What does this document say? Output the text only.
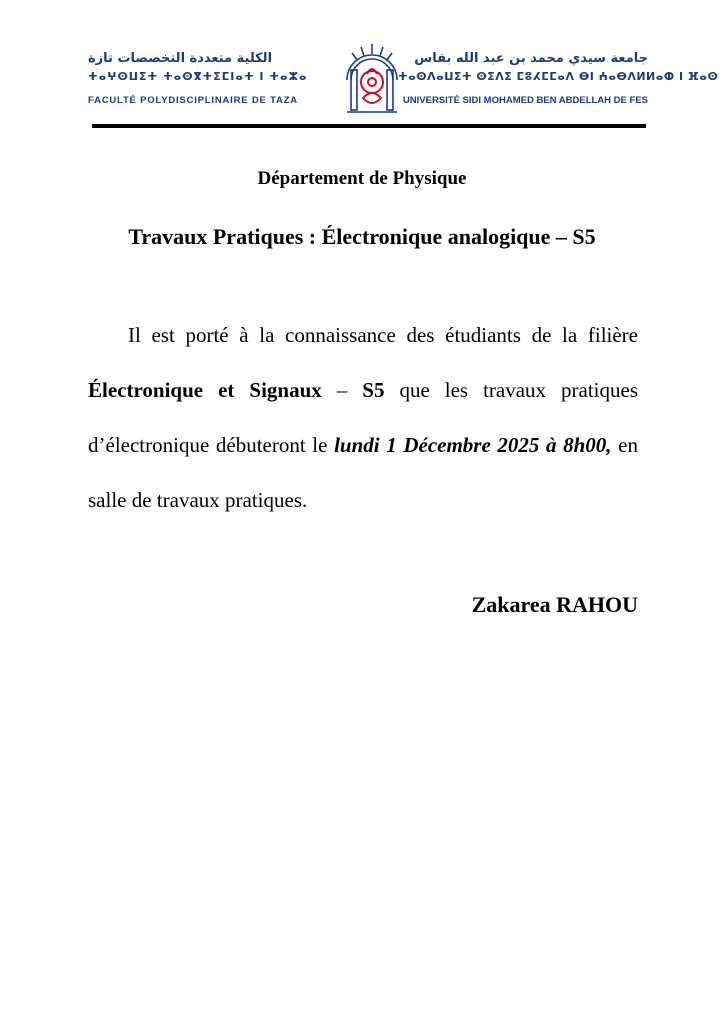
الكلية متعددة التخصصات تازة
ⵜⴰⵖⵙⵡⵉⵜ ⵜⴰⵙⴳⵜⵉⵎⵏⴰⵜ ⵏ ⵜⴰⵣⴰ
FACULTÉ POLYDISCIPLINAIRE DE TAZA
جامعة سيدي محمد بن عبد الله بفاس
ⵜⴰⵙⴷⴰⵡⵉⵜ ⵙⵉⴷⵉ ⵎⵓⵃⵎⵎⴰⴷ ⴱⵏ ⵄⴰⴱⴷⵍⵍⴰⵀ ⵏ ⴼⴰⵙ
UNIVERSITÉ SIDI MOHAMED BEN ABDELLAH DE FES
Département de Physique
Travaux Pratiques : Électronique analogique – S5

Il est porté à la connaissance des étudiants de la filière Électronique et Signaux – S5 que les travaux pratiques d’électronique débuteront le lundi 1 Décembre 2025 à 8h00, en salle de travaux pratiques.

Zakarea RAHOU
